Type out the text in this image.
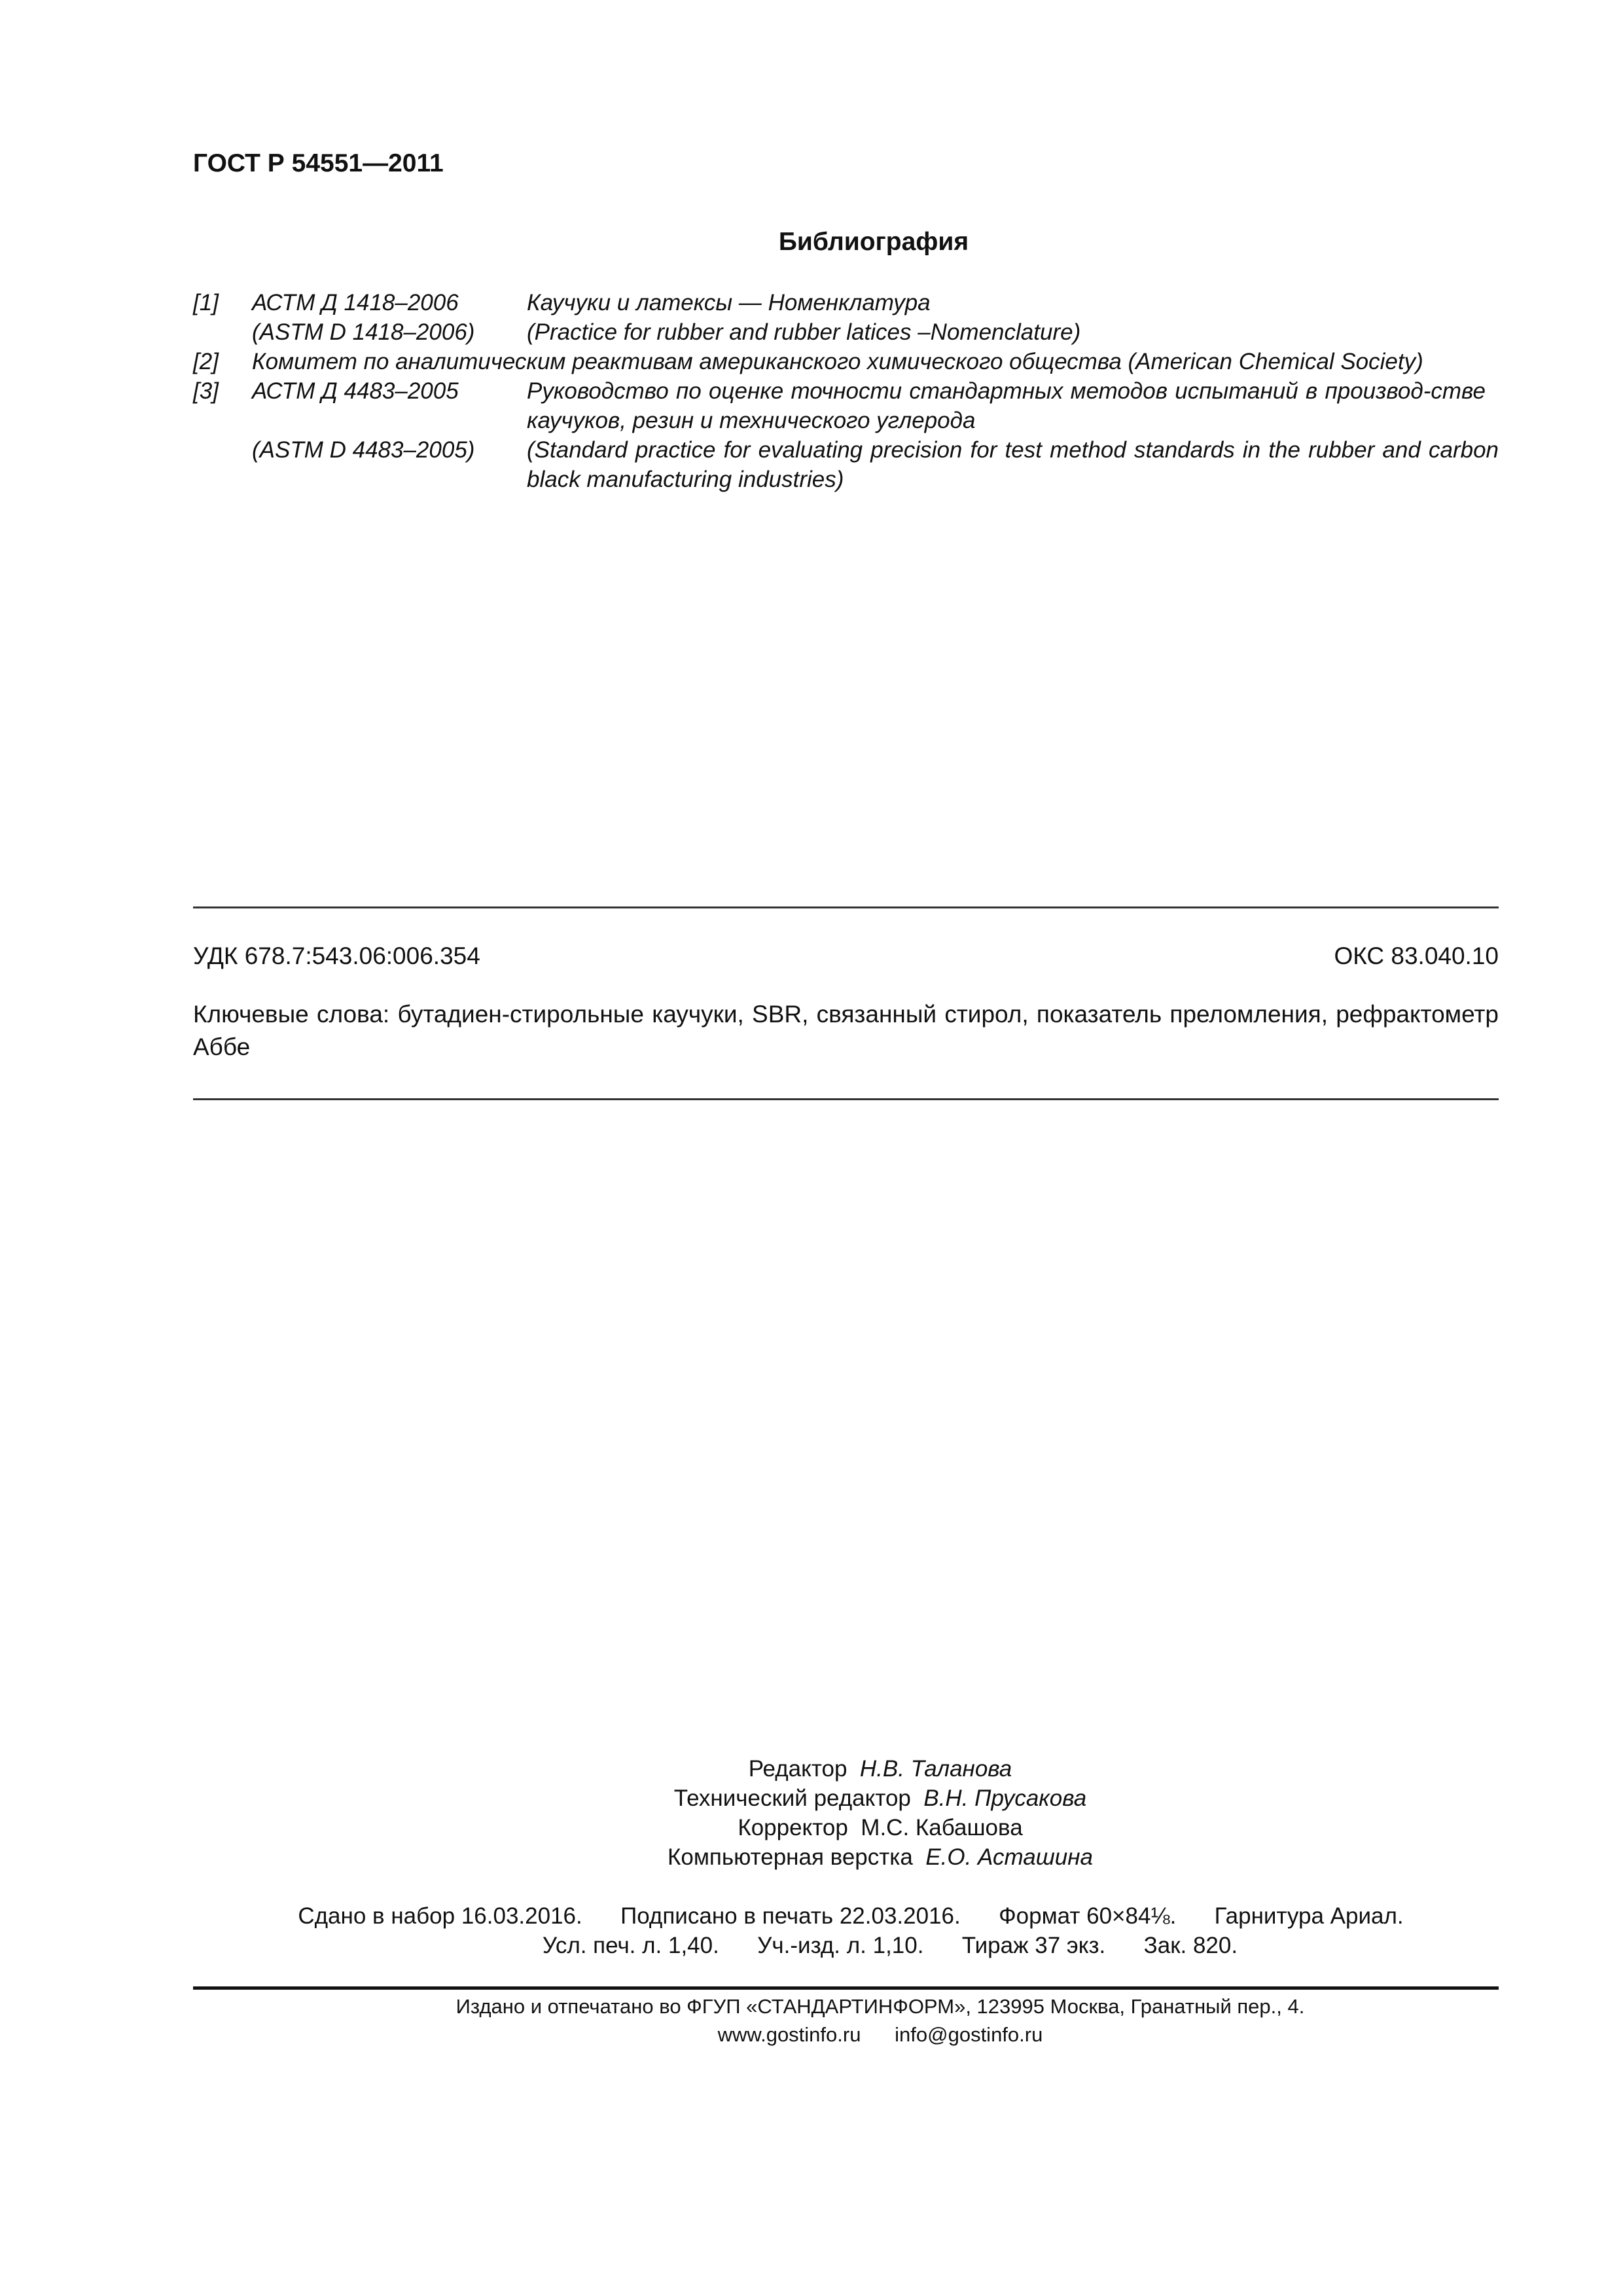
ГОСТ Р 54551—2011
Библиография
[1] АСТМ Д 1418–2006	Каучуки и латексы — Номенклатура
(ASTM D 1418–2006) (Practice for rubber and rubber latices –Nomenclature)
[2] Комитет по аналитическим реактивам американского химического общества (American Chemical Society)
[3] АСТМ Д 4483–2005	Руководство по оценке точности стандартных методов испытаний в производ-стве каучуков, резин и технического углерода
(ASTM D 4483–2005) (Standard practice for evaluating precision for test method standards in the rubber and carbon black manufacturing industries)
УДК 678.7:543.06:006.354	ОКС 83.040.10
Ключевые слова: бутадиен-стирольные каучуки, SBR, связанный стирол, показатель преломления, рефрактометр Аббе
Редактор Н.В. Таланова
Технический редактор В.Н. Прусакова
Корректор М.С. Кабашова
Компьютерная верстка Е.О. Асташина
Сдано в набор 16.03.2016.      Подписано в печать 22.03.2016.      Формат 60×84⅛.      Гарнитура Ариал.
Усл. печ. л. 1,40.      Уч.-изд. л. 1,10.      Тираж 37 экз.      Зак. 820.
Издано и отпечатано во ФГУП «СТАНДАРТИНФОРМ», 123995 Москва, Гранатный пер., 4.
www.gostinfo.ru      info@gostinfo.ru
